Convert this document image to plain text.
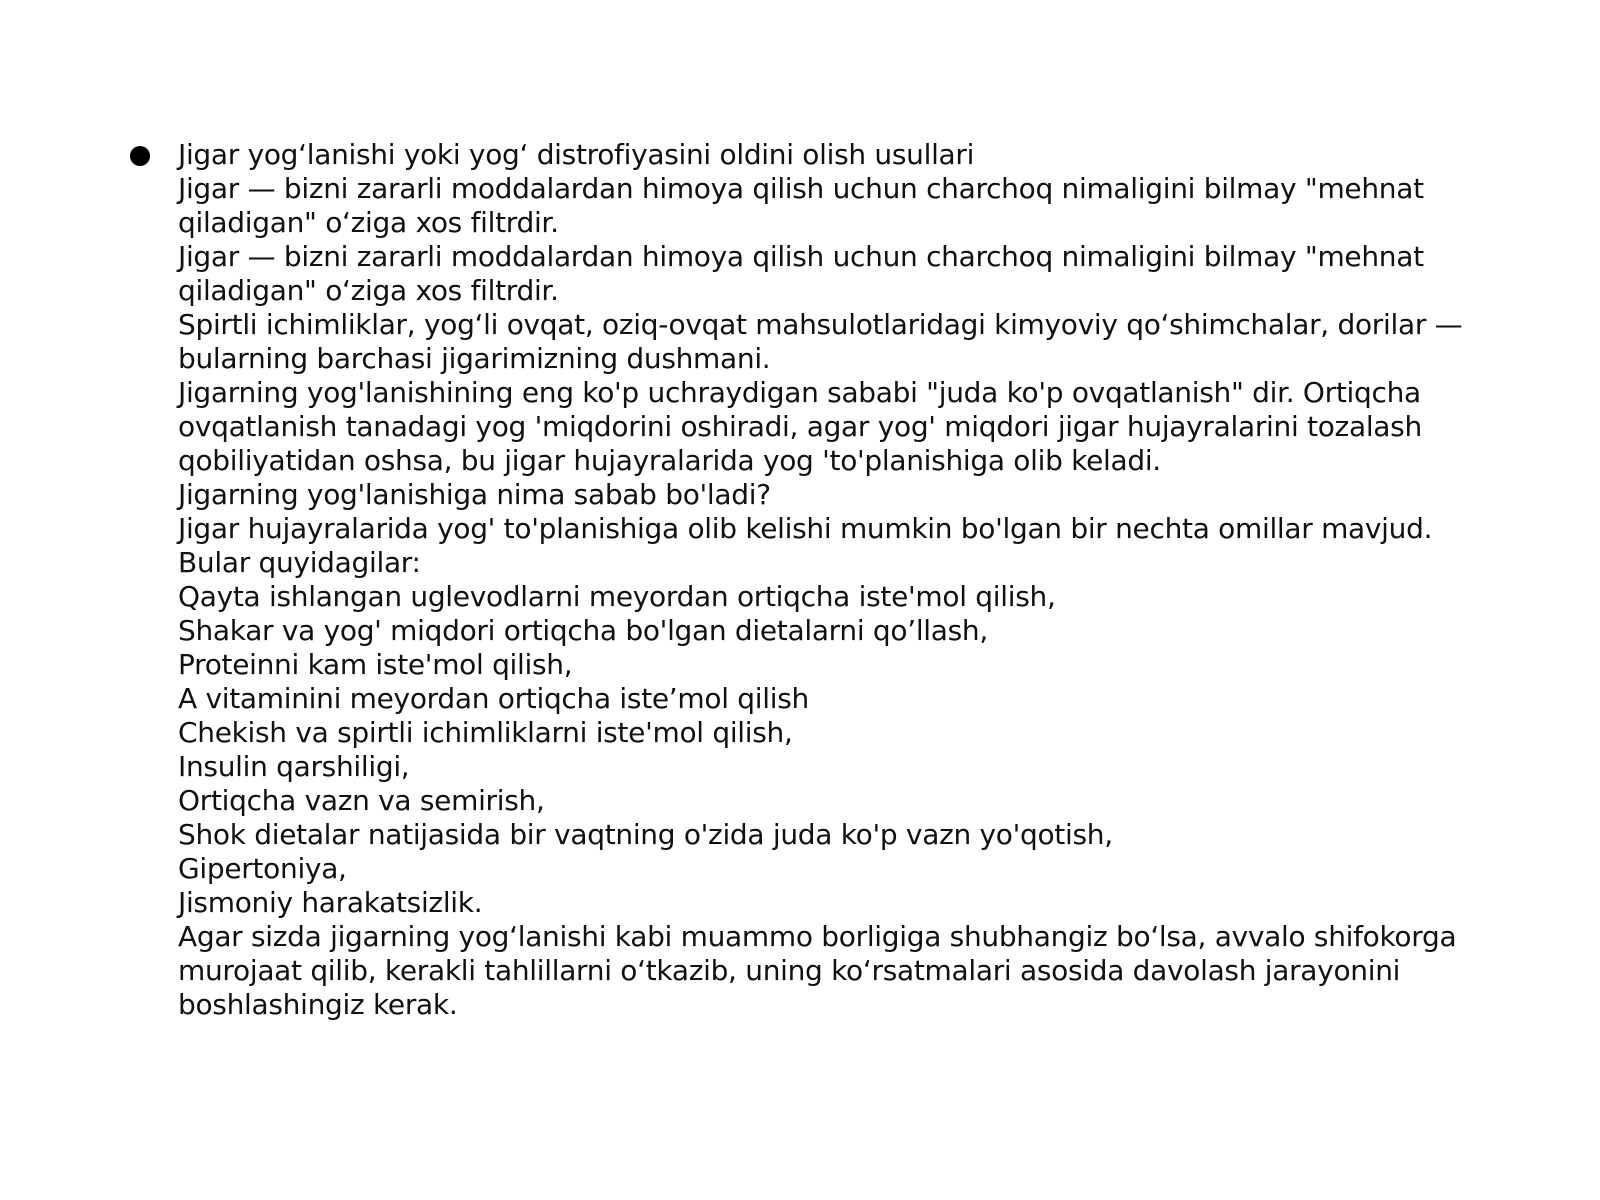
Jigar yog‘lanishi yoki yog‘ distrofiyasini oldini olish usullari
Jigar — bizni zararli moddalardan himoya qilish uchun charchoq nimaligini bilmay "mehnat qiladigan" o‘ziga xos filtrdir.
Jigar — bizni zararli moddalardan himoya qilish uchun charchoq nimaligini bilmay "mehnat qiladigan" o‘ziga xos filtrdir.
Spirtli ichimliklar, yog‘li ovqat, oziq-ovqat mahsulotlaridagi kimyoviy qo‘shimchalar, dorilar — bularning barchasi jigarimizning dushmani.
Jigarning yog'lanishining eng ko'p uchraydigan sababi "juda ko'p ovqatlanish" dir. Ortiqcha ovqatlanish tanadagi yog 'miqdorini oshiradi, agar yog' miqdori jigar hujayralarini tozalash qobiliyatidan oshsa, bu jigar hujayralarida yog 'to'planishiga olib keladi.
Jigarning yog'lanishiga nima sabab bo'ladi?
Jigar hujayralarida yog' to'planishiga olib kelishi mumkin bo'lgan bir nechta omillar mavjud. Bular quyidagilar:
Qayta ishlangan uglevodlarni meyordan ortiqcha iste'mol qilish,
Shakar va yog' miqdori ortiqcha bo'lgan dietalarni qo’llash,
Proteinni kam iste'mol qilish,
A vitaminini meyordan ortiqcha iste’mol qilish
Chekish va spirtli ichimliklarni iste'mol qilish,
Insulin qarshiligi,
Ortiqcha vazn va semirish,
Shok dietalar natijasida bir vaqtning o'zida juda ko'p vazn yo'qotish,
Gipertoniya,
Jismoniy harakatsizlik.
Agar sizda jigarning yog‘lanishi kabi muammo borligiga shubhangiz bo‘lsa, avvalo shifokorga murojaat qilib, kerakli tahlillarni o‘tkazib, uning ko‘rsatmalari asosida davolash jarayonini boshlashingiz kerak.
